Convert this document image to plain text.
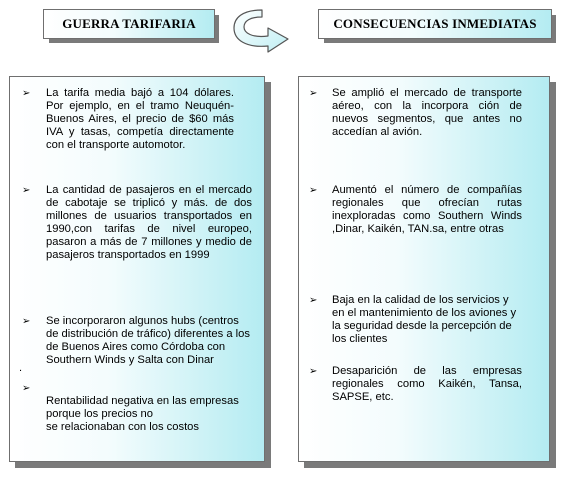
GUERRA TARIFARIA	CONSECUENCIAS INMEDIATAS
➢ La tarifa media bajó a 104 dólares. Por ejemplo, en el tramo Neuquén-Buenos Aires, el precio de $60 más IVA y tasas, competía directamente con el transporte automotor.
➢ La cantidad de pasajeros en el mercado de cabotaje se triplicó y más. de dos millones de usuarios transportados en 1990,con tarifas de nivel europeo, pasaron a más de 7 millones y medio de pasajeros transportados en 1999
➢ Se incorporaron algunos hubs (centros de distribución de tráfico) diferentes a los de Buenos Aires como Córdoba con Southern Winds y Salta con Dinar
.
➢

Rentabilidad negativa en las empresas porque los precios no
se relacionaban con los costos

➢ Se amplió el mercado de transporte aéreo, con la incorpora ción de nuevos segmentos, que antes no accedían al avión.
➢ Aumentó el número de compañías regionales que ofrecían rutas inexploradas como Southern Winds ,Dinar, Kaikén, TAN.sa, entre otras
➢ Baja en la calidad de los servicios y en el mantenimiento de los aviones y la seguridad desde la percepción de los clientes
➢ Desaparición de las empresas regionales como Kaikén, Tansa, SAPSE, etc.
